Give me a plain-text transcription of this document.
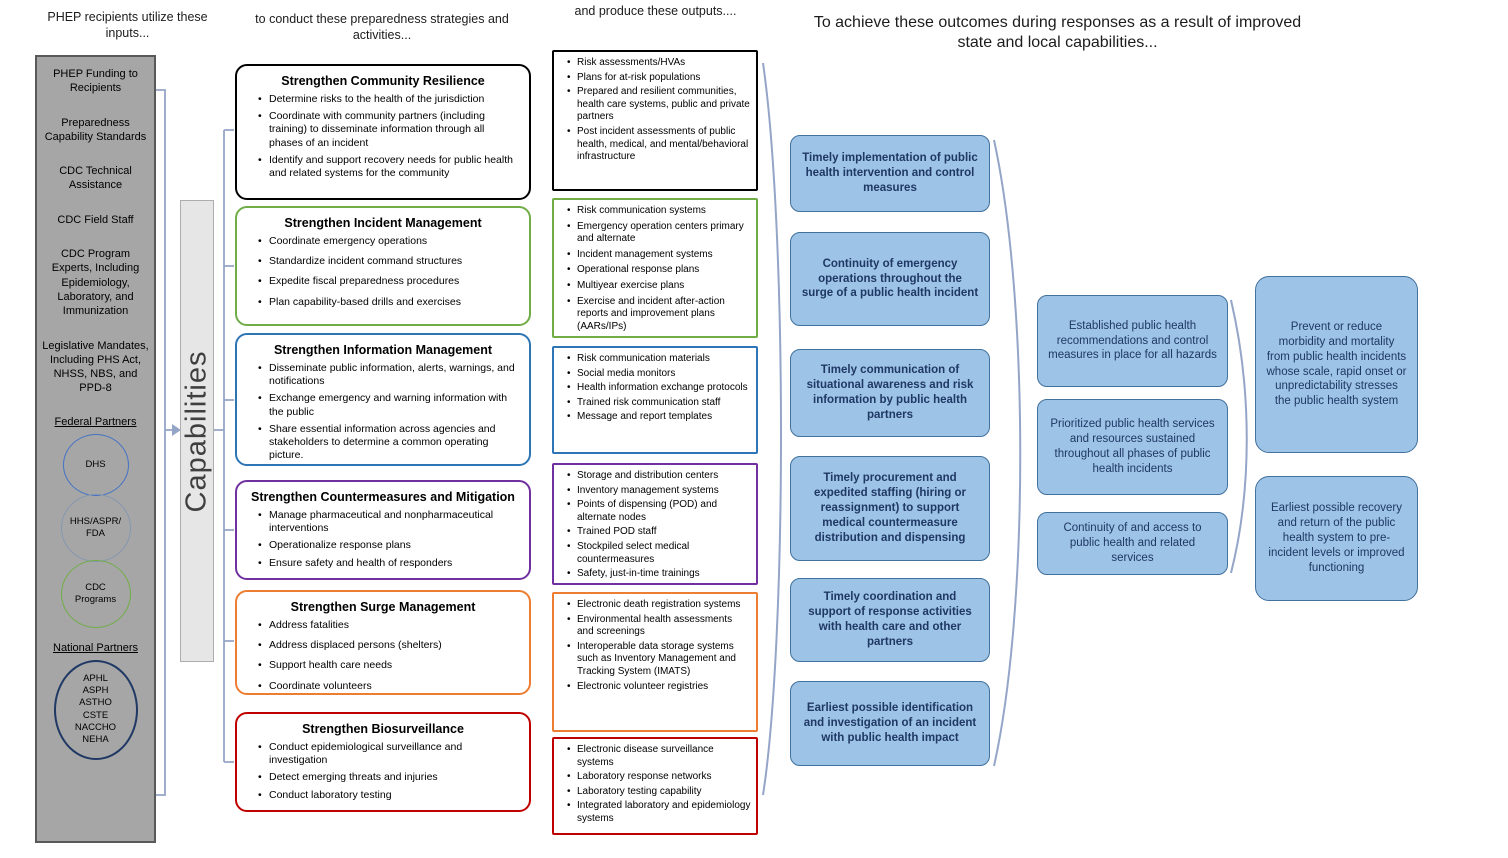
PHEP recipients utilize these inputs...
to conduct these preparedness strategies and activities...
and produce these outputs....
To achieve these outcomes during responses as a result of improved state and local capabilities...
PHEP Funding to Recipients
Preparedness Capability Standards
CDC Technical Assistance
CDC Field Staff
CDC Program Experts, Including Epidemiology, Laboratory, and Immunization
Legislative Mandates, Including PHS Act, NHSS, NBS, and PPD-8
Federal Partners
DHS
HHS/ASPR/ FDA
CDC Programs
National Partners
APHL
ASPH
ASTHO
CSTE
NACCHO
NEHA
Capabilities
Strengthen Community Resilience
• Determine risks to the health of the jurisdiction
• Coordinate with community partners (including training) to disseminate information through all phases of an incident
• Identify and support recovery needs for public health and related systems for the community
Strengthen Incident Management
• Coordinate emergency operations
• Standardize incident command structures
• Expedite fiscal preparedness procedures
• Plan capability-based drills and exercises
Strengthen Information Management
• Disseminate public information, alerts, warnings, and notifications
• Exchange emergency and warning information with the public
• Share essential information across agencies and stakeholders to determine a common operating picture.
Strengthen Countermeasures and Mitigation
• Manage pharmaceutical and nonpharmaceutical interventions
• Operationalize response plans
• Ensure safety and health of responders
Strengthen Surge Management
• Address fatalities
• Address displaced persons (shelters)
• Support health care needs
• Coordinate volunteers
Strengthen Biosurveillance
• Conduct epidemiological surveillance and investigation
• Detect emerging threats and injuries
• Conduct laboratory testing
• Risk assessments/HVAs
• Plans for at-risk populations
• Prepared and resilient communities, health care systems, public and private partners
• Post incident assessments of public health, medical, and mental/behavioral infrastructure
• Risk communication systems
• Emergency operation centers primary and alternate
• Incident management systems
• Operational response plans
• Multiyear exercise plans
• Exercise and incident after-action reports and improvement plans (AARs/IPs)
• Risk communication materials
• Social media monitors
• Health information exchange protocols
• Trained risk communication staff
• Message and report templates
• Storage and distribution centers
• Inventory management systems
• Points of dispensing (POD) and alternate nodes
• Trained POD staff
• Stockpiled select medical countermeasures
• Safety, just-in-time trainings
• Electronic death registration systems
• Environmental health assessments and screenings
• Interoperable data storage systems such as Inventory Management and Tracking System (IMATS)
• Electronic volunteer registries
• Electronic disease surveillance systems
• Laboratory response networks
• Laboratory testing capability
• Integrated laboratory and epidemiology systems
Timely implementation of public health intervention and control measures
Continuity of emergency operations throughout the surge of a public health incident
Timely communication of situational awareness and risk information by public health partners
Timely procurement and expedited staffing (hiring or reassignment) to support medical countermeasure distribution and dispensing
Timely coordination and support of response activities with health care and other partners
Earliest possible identification and investigation of an incident with public health impact
Established public health recommendations and control measures in place for all hazards
Prioritized public health services and resources sustained throughout all phases of public health incidents
Continuity of and access to public health and related services
Prevent or reduce morbidity and mortality from public health incidents whose scale, rapid onset or unpredictability stresses the public health system
Earliest possible recovery and return of the public health system to pre-incident levels or improved functioning
